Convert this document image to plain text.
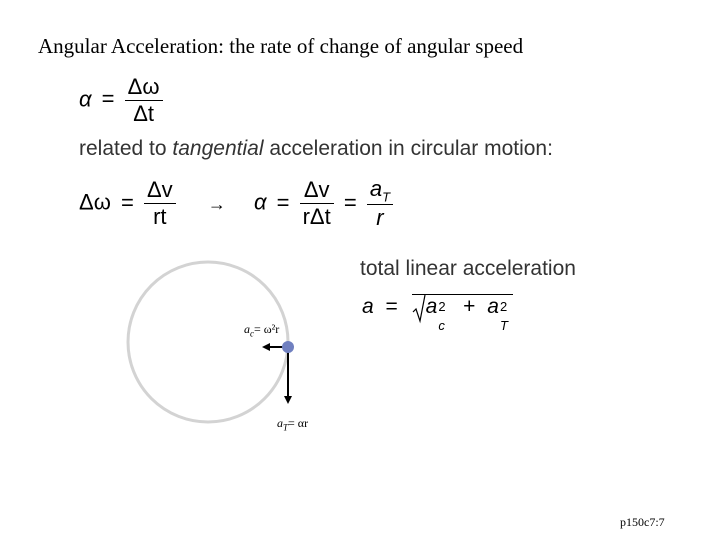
Angular Acceleration: the rate of change of angular speed
$\alpha = \frac{\Delta\omega}{\Delta t}$
related to tangential acceleration in circular motion:
$\Delta\omega = \frac{\Delta v}{rt} \to \alpha = \frac{\Delta v}{\text{rΔt}} = \frac{a_T}{r}$
total linear acceleration
a = a 2
c
+ a 2
T
$a_c= \omega^2r$
$a_T= \alpha r$
p150c7:7
